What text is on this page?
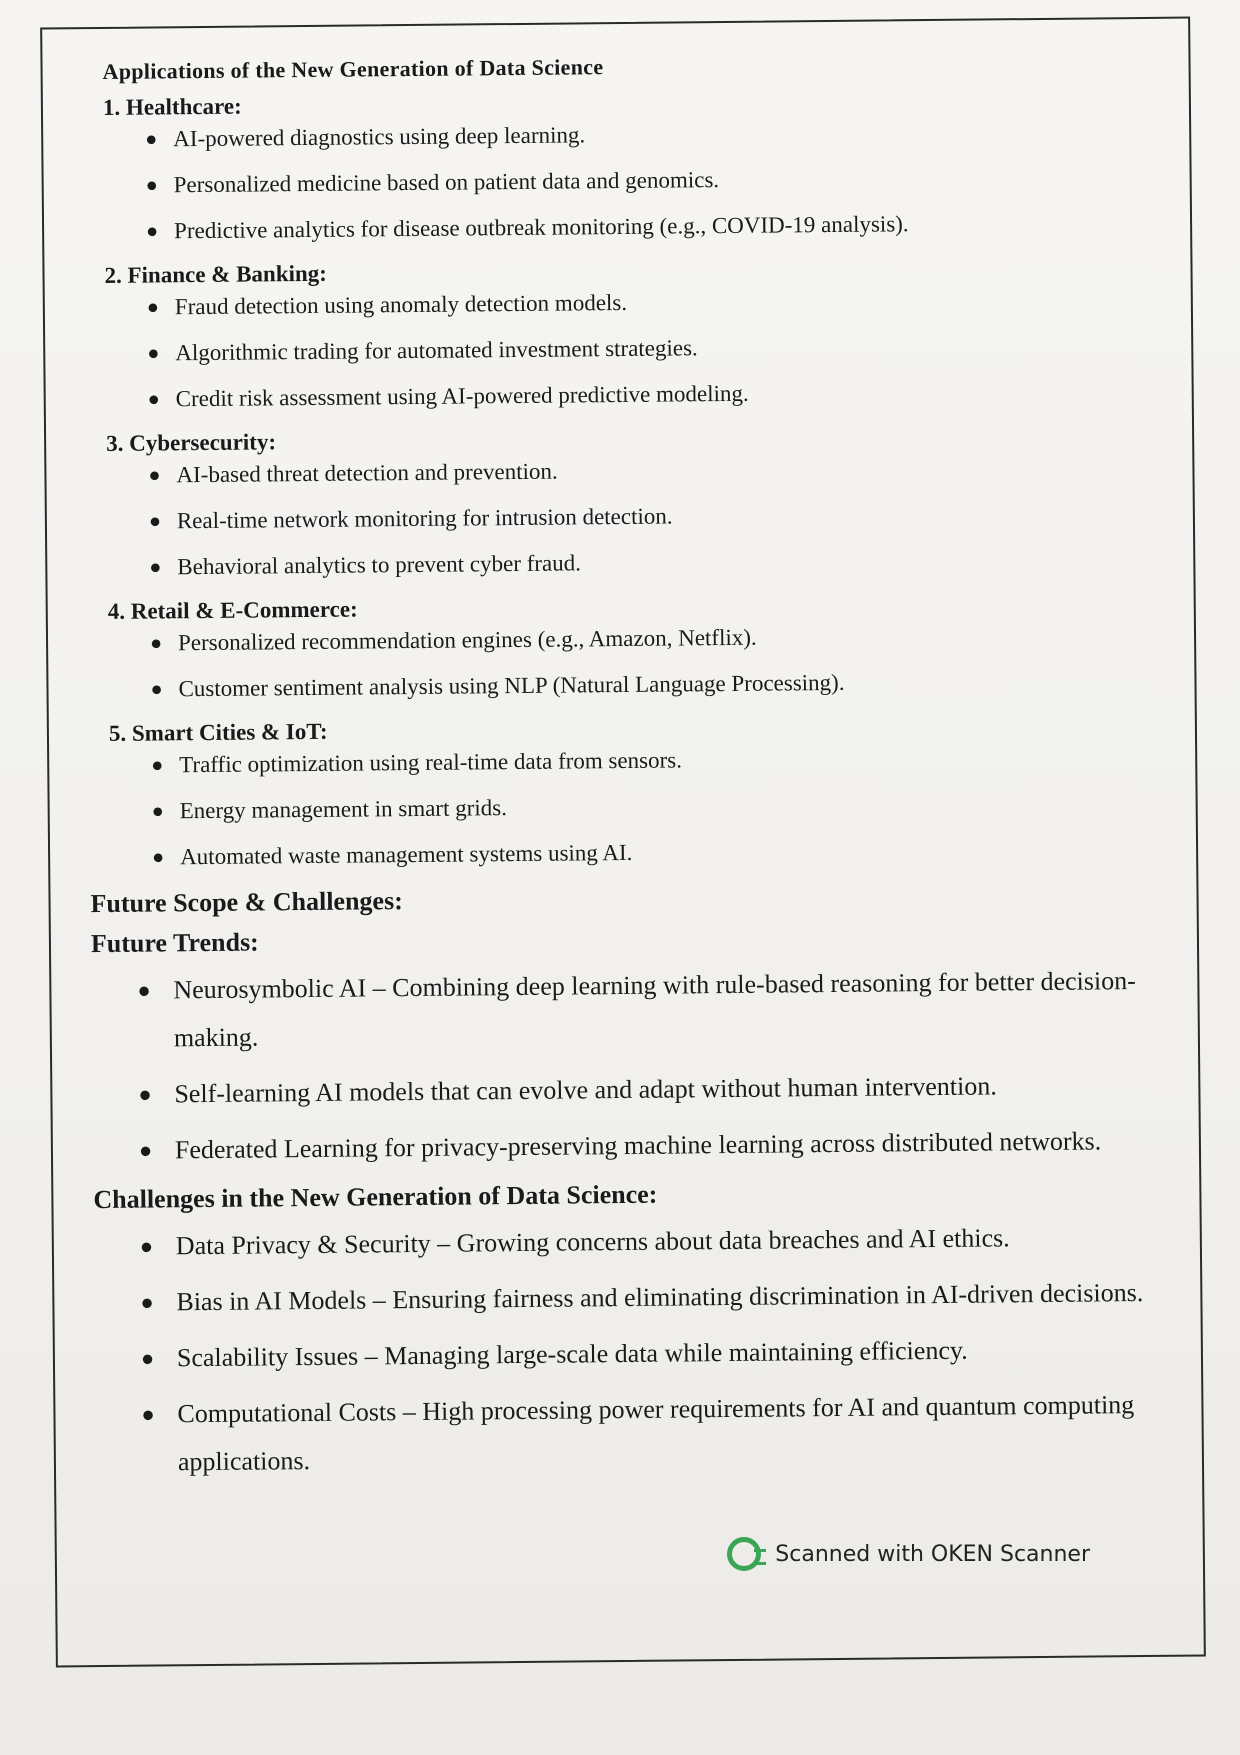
Applications of the New Generation of Data Science
1. Healthcare:
● AI-powered diagnostics using deep learning.
● Personalized medicine based on patient data and genomics.
● Predictive analytics for disease outbreak monitoring (e.g., COVID-19 analysis).
2. Finance & Banking:
● Fraud detection using anomaly detection models.
● Algorithmic trading for automated investment strategies.
● Credit risk assessment using AI-powered predictive modeling.
3. Cybersecurity:
● AI-based threat detection and prevention.
● Real-time network monitoring for intrusion detection.
● Behavioral analytics to prevent cyber fraud.
4. Retail & E-Commerce:
● Personalized recommendation engines (e.g., Amazon, Netflix).
● Customer sentiment analysis using NLP (Natural Language Processing).
5. Smart Cities & IoT:
● Traffic optimization using real-time data from sensors.
● Energy management in smart grids.
● Automated waste management systems using AI.
Future Scope & Challenges:
Future Trends:
● Neurosymbolic AI – Combining deep learning with rule-based reasoning for better decision-making.
● Self-learning AI models that can evolve and adapt without human intervention.
● Federated Learning for privacy-preserving machine learning across distributed networks.
Challenges in the New Generation of Data Science:
● Data Privacy & Security – Growing concerns about data breaches and AI ethics.
● Bias in AI Models – Ensuring fairness and eliminating discrimination in AI-driven decisions.
● Scalability Issues – Managing large-scale data while maintaining efficiency.
● Computational Costs – High processing power requirements for AI and quantum computing applications.
Scanned with OKEN Scanner
